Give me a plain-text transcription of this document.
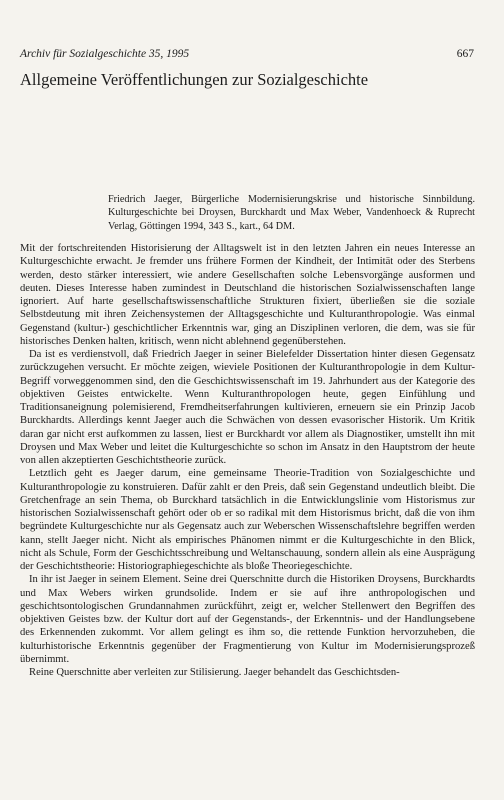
Archiv für Sozialgeschichte 35, 1995	667
Allgemeine Veröffentlichungen zur Sozialgeschichte

Friedrich Jaeger, Bürgerliche Modernisierungskrise und historische Sinnbildung. Kulturgeschichte bei Droysen, Burckhardt und Max Weber, Vandenhoeck & Ruprecht Verlag, Göttingen 1994, 343 S., kart., 64 DM.

Mit der fortschreitenden Historisierung der Alltagswelt ist in den letzten Jahren ein neues Interesse an Kulturgeschichte erwacht. Je fremder uns frühere Formen der Kindheit, der Intimität oder des Sterbens werden, desto stärker interessiert, wie andere Gesellschaften solche Lebensvorgänge ausformen und deuten. Dieses Interesse haben zumindest in Deutschland die historischen Sozialwissenschaften lange ignoriert. Auf harte gesellschaftswissenschaftliche Strukturen fixiert, überließen sie die soziale Selbstdeutung mit ihren Zeichensystemen der Alltagsgeschichte und Kulturanthropologie. Was einmal Gegenstand (kultur-) geschichtlicher Erkenntnis war, ging an Disziplinen verloren, die dem, was sie für historisches Denken halten, kritisch, wenn nicht ablehnend gegenüberstehen.

Da ist es verdienstvoll, daß Friedrich Jaeger in seiner Bielefelder Dissertation hinter diesen Gegensatz zurückzugehen versucht. Er möchte zeigen, wieviele Positionen der Kulturanthropologie in dem Kultur-Begriff vorweggenommen sind, den die Geschichtswissenschaft im 19. Jahrhundert aus der Kategorie des objektiven Geistes entwickelte. Wenn Kulturanthropologen heute, gegen Einfühlung und Traditionsaneignung polemisierend, Fremdheitserfahrungen kultivieren, erneuern sie ein Prinzip Jacob Burckhardts. Allerdings kennt Jaeger auch die Schwächen von dessen evasorischer Historik. Um Kritik daran gar nicht erst aufkommen zu lassen, liest er Burckhardt vor allem als Diagnostiker, umstellt ihn mit Droysen und Max Weber und leitet die Kulturgeschichte so schon im Ansatz in den Hauptstrom der heute von allen akzeptierten Geschichtstheorie zurück.

Letztlich geht es Jaeger darum, eine gemeinsame Theorie-Tradition von Sozialgeschichte und Kulturanthropologie zu konstruieren. Dafür zahlt er den Preis, daß sein Gegenstand undeutlich bleibt. Die Gretchenfrage an sein Thema, ob Burckhard tatsächlich in die Entwicklungslinie vom Historismus zur historischen Sozialwissenschaft gehört oder ob er so radikal mit dem Historismus bricht, daß die von ihm begründete Kulturgeschichte nur als Gegensatz auch zur Weberschen Wissenschaftslehre begriffen werden kann, stellt Jaeger nicht. Nicht als empirisches Phänomen nimmt er die Kulturgeschichte in den Blick, nicht als Schule, Form der Geschichtsschreibung und Weltanschauung, sondern allein als eine Ausprägung der Geschichtstheorie: Historiographiegeschichte als bloße Theoriegeschichte.

In ihr ist Jaeger in seinem Element. Seine drei Querschnitte durch die Historiken Droysens, Burckhardts und Max Webers wirken grundsolide. Indem er sie auf ihre anthropologischen und geschichtsontologischen Grundannahmen zurückführt, zeigt er, welcher Stellenwert den Begriffen des objektiven Geistes bzw. der Kultur dort auf der Gegenstands-, der Erkenntnis- und der Handlungsebene des Erkennenden zukommt. Vor allem gelingt es ihm so, die rettende Funktion hervorzuheben, die kulturhistorische Erkenntnis gegenüber der Fragmentierung von Kultur im Modernisierungsprozeß übernimmt.

Reine Querschnitte aber verleiten zur Stilisierung. Jaeger behandelt das Geschichtsden-
